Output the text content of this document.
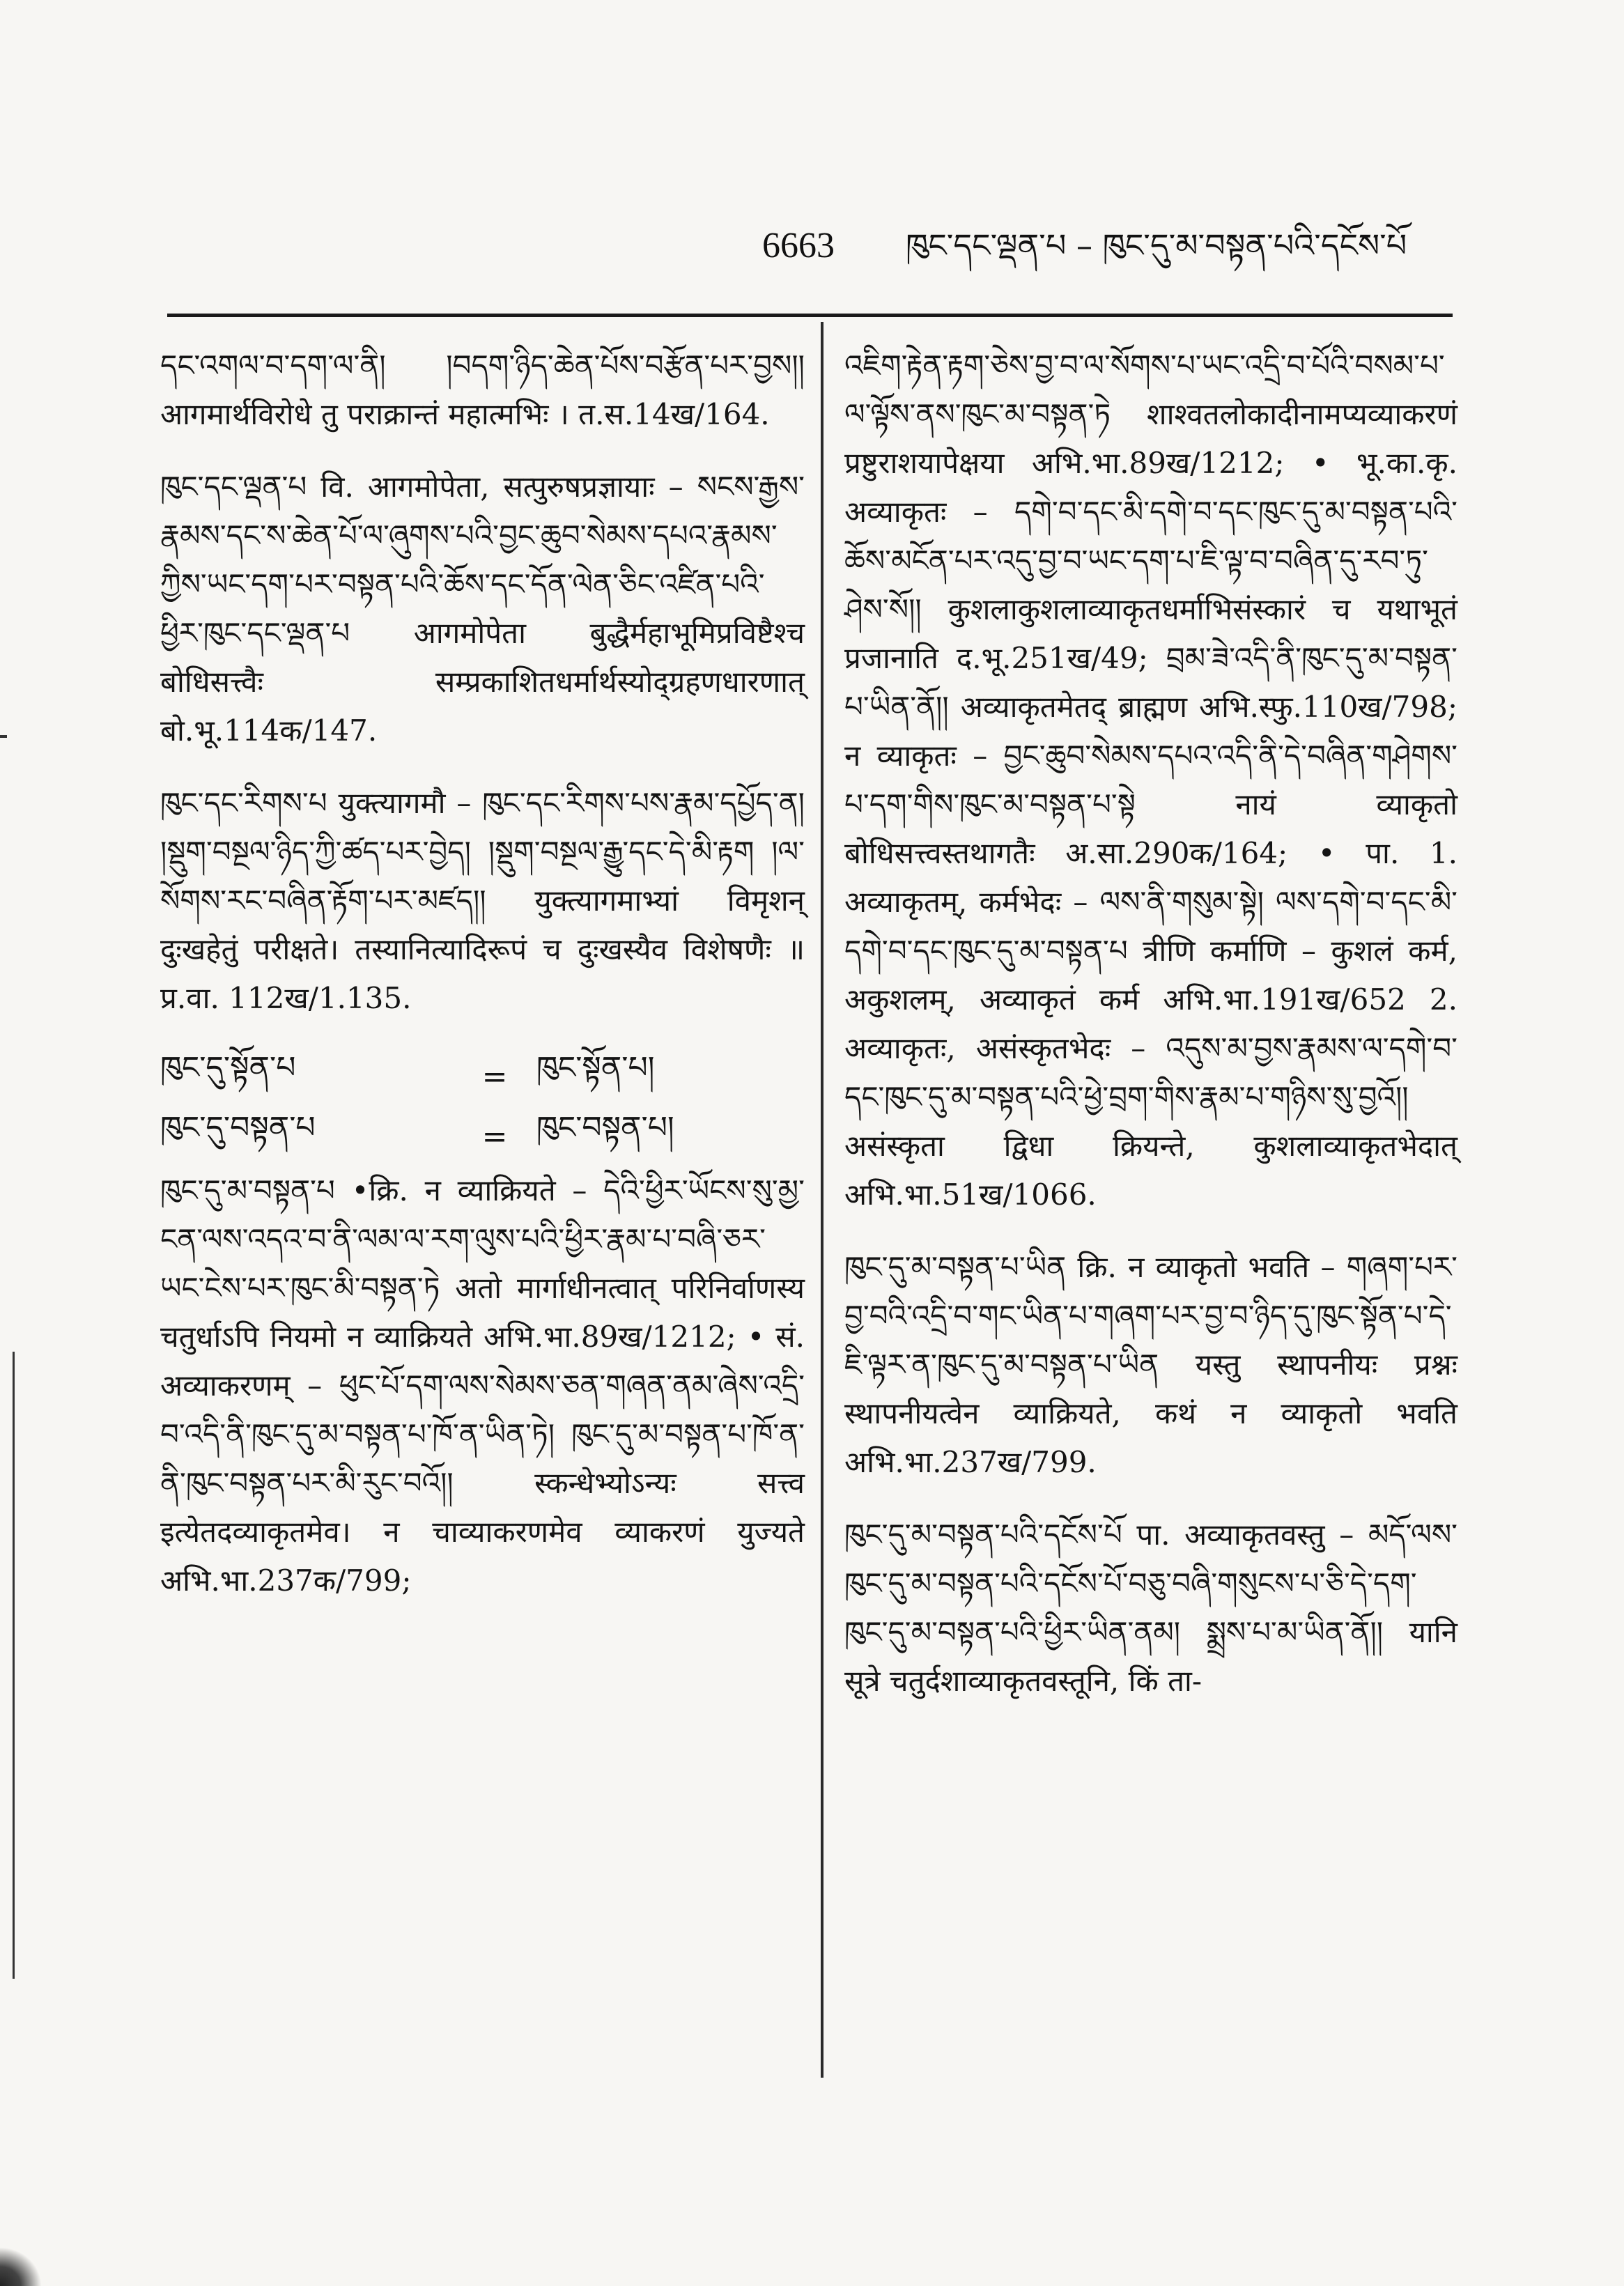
6663	ཁུང་དང་ལྡན་པ – ཁུང་དུ་མ་བསྟན་པའི་དངོས་པོ
དང་འགལ་བ་དག་ལ་ནི། །བདག་ཉིད་ཆེན་པོས་བརྩོན་པར་བྱས།། आगमार्थविरोधे तु पराक्रान्तं महात्मभिः । त.स.14ख/164.
ཁུང་དང་ལྡན་པ वि. आगमोपेता, सत्पुरुषप्रज्ञायाः – སངས་རྒྱས་རྣམས་དང་ས་ཆེན་པོ་ལ་ཞུགས་པའི་བྱང་ཆུབ་སེམས་དཔའ་རྣམས་ཀྱིས་ཡང་དག་པར་བསྟན་པའི་ཆོས་དང་དོན་ལེན་ཅིང་འཛིན་པའི་ཕྱིར་ཁུང་དང་ལྡན་པ आगमोपेता बुद्धैर्महाभूमिप्रविष्टैश्च बोधिसत्त्वैः सम्प्रकाशितधर्मार्थस्योद्ग्रहणधारणात् बो.भू.114क/147.
ཁུང་དང་རིགས་པ युक्त्यागमौ – ཁུང་དང་རིགས་པས་རྣམ་དཔྱོད་ན། །སྡུག་བསྔལ་ཉིད་ཀྱི་ཚད་པར་བྱེད། །སྡུག་བསྔལ་རྒྱུ་དང་དེ་མི་རྟག །ལ་སོགས་རང་བཞིན་རྟོག་པར་མཛད།། युक्त्यागमाभ्यां विमृशन् दुःखहेतुं परीक्षते। तस्यानित्यादिरूपं च दुःखस्यैव विशेषणैः ॥ प्र.वा. 112ख/1.135.
ཁུང་དུ་སྟོན་པ	= ཁུང་སྟོན་པ།
ཁུང་དུ་བསྟན་པ	= ཁུང་བསྟན་པ།
ཁུང་དུ་མ་བསྟན་པ •क्रि. न व्याक्रियते – དེའི་ཕྱིར་ཡོངས་སུ་མྱ་ངན་ལས་འདའ་བ་ནི་ལམ་ལ་རག་ལུས་པའི་ཕྱིར་རྣམ་པ་བཞི་ཅར་ཡང་ངེས་པར་ཁུང་མི་བསྟན་ཏེ अतो मार्गाधीनत्वात् परिनिर्वाणस्य चतुर्धाऽपि नियमो न व्याक्रियते अभि.भा.89ख/1212; • सं. अव्याकरणम् – ཕུང་པོ་དག་ལས་སེམས་ཅན་གཞན་ནམ་ཞེས་འདྲི་བ་འདི་ནི་ཁུང་དུ་མ་བསྟན་པ་ཁོ་ན་ཡིན་ཏེ། ཁུང་དུ་མ་བསྟན་པ་ཁོ་ན་ནི་ཁུང་བསྟན་པར་མི་རུང་བའོ།། स्कन्धेभ्योऽन्यः सत्त्व इत्येतदव्याकृतमेव। न चाव्याकरणमेव व्याकरणं युज्यते अभि.भा.237क/799;
འཇིག་རྟེན་རྟག་ཅེས་བྱ་བ་ལ་སོགས་པ་ཡང་འདྲི་བ་པོའི་བསམ་པ་ལ་ལྟོས་ནས་ཁུང་མ་བསྟན་ཏེ शाश्वतलोकादीनामप्यव्याकरणं प्रष्टुराशयापेक्षया अभि.भा.89ख/1212; • भू.का.कृ. अव्याकृतः – དགེ་བ་དང་མི་དགེ་བ་དང་ཁུང་དུ་མ་བསྟན་པའི་ཆོས་མངོན་པར་འདུ་བྱ་བ་ཡང་དག་པ་ཇི་ལྟ་བ་བཞིན་དུ་རབ་ཏུ་ཤེས་སོ།། कुशलाकुशलाव्याकृतधर्माभिसंस्कारं च यथाभूतं प्रजानाति द.भू.251ख/49; བྲམ་ཟེ་འདི་ནི་ཁུང་དུ་མ་བསྟན་པ་ཡིན་ནོ།། अव्याकृतमेतद् ब्राह्मण अभि.स्फु.110ख/798; न व्याकृतः – བྱང་ཆུབ་སེམས་དཔའ་འདི་ནི་དེ་བཞིན་གཤེགས་པ་དག་གིས་ཁུང་མ་བསྟན་པ་སྟེ नायं व्याकृतो बोधिसत्त्वस्तथागतैः अ.सा.290क/164; • पा. 1. अव्याकृतम्, कर्मभेदः – ལས་ནི་གསུམ་སྟེ། ལས་དགེ་བ་དང་མི་དགེ་བ་དང་ཁུང་དུ་མ་བསྟན་པ त्रीणि कर्माणि – कुशलं कर्म, अकुशलम्, अव्याकृतं कर्म अभि.भा.191ख/652 2. अव्याकृतः, असंस्कृतभेदः – འདུས་མ་བྱས་རྣམས་ལ་དགེ་བ་དང་ཁུང་དུ་མ་བསྟན་པའི་ཕྱེ་བྲག་གིས་རྣམ་པ་གཉིས་སུ་བྱའོ།། असंस्कृता द्विधा क्रियन्ते, कुशलाव्याकृतभेदात् अभि.भा.51ख/1066.
ཁུང་དུ་མ་བསྟན་པ་ཡིན क्रि. न व्याकृतो भवति – གཞག་པར་བྱ་བའི་འདྲི་བ་གང་ཡིན་པ་གཞག་པར་བྱ་བ་ཉིད་དུ་ཁུང་སྟོན་པ་དེ་ཇི་ལྟར་ན་ཁུང་དུ་མ་བསྟན་པ་ཡིན यस्तु स्थापनीयः प्रश्नः स्थापनीयत्वेन व्याक्रियते, कथं न व्याकृतो भवति अभि.भा.237ख/799.
ཁུང་དུ་མ་བསྟན་པའི་དངོས་པོ पा. अव्याकृतवस्तु – མདོ་ལས་ཁུང་དུ་མ་བསྟན་པའི་དངོས་པོ་བཅུ་བཞི་གསུངས་པ་ཅི་དེ་དག་ཁུང་དུ་མ་བསྟན་པའི་ཕྱིར་ཡིན་ནམ། སྨྲས་པ་མ་ཡིན་ནོ།། यानि सूत्रे चतुर्दशाव्याकृतवस्तूनि, किं ता-
